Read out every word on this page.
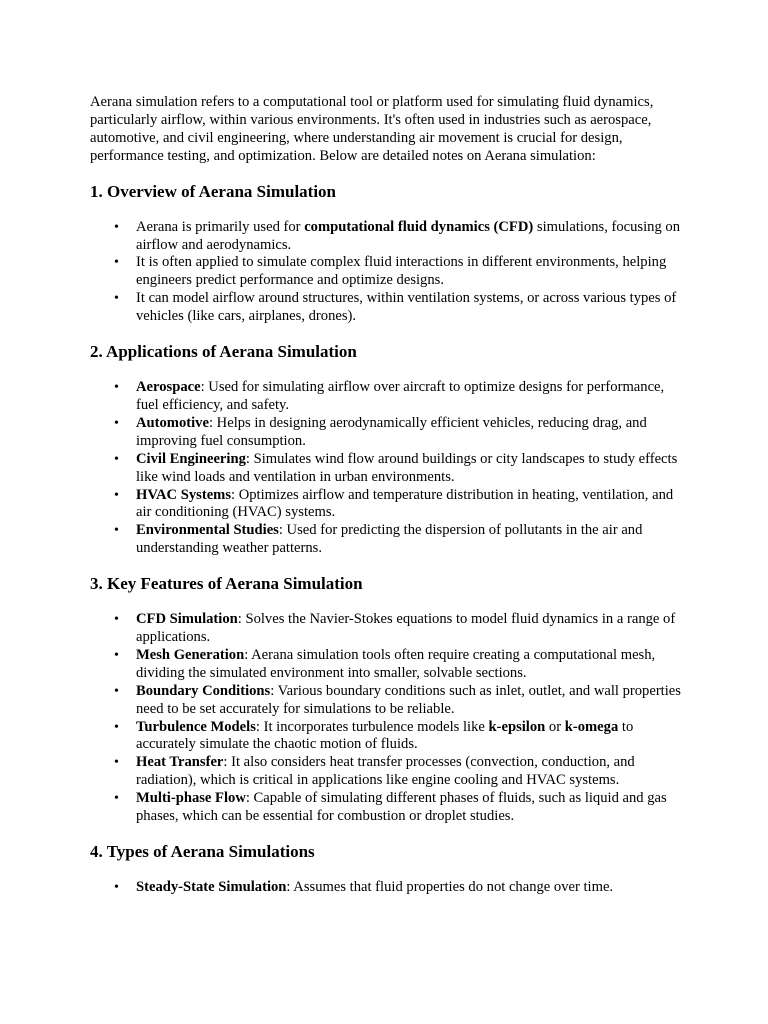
Aerana simulation refers to a computational tool or platform used for simulating fluid dynamics, particularly airflow, within various environments. It's often used in industries such as aerospace, automotive, and civil engineering, where understanding air movement is crucial for design, performance testing, and optimization. Below are detailed notes on Aerana simulation:

1. Overview of Aerana Simulation
• Aerana is primarily used for computational fluid dynamics (CFD) simulations, focusing on airflow and aerodynamics.
• It is often applied to simulate complex fluid interactions in different environments, helping engineers predict performance and optimize designs.
• It can model airflow around structures, within ventilation systems, or across various types of vehicles (like cars, airplanes, drones).
2. Applications of Aerana Simulation
• Aerospace: Used for simulating airflow over aircraft to optimize designs for performance, fuel efficiency, and safety.
• Automotive: Helps in designing aerodynamically efficient vehicles, reducing drag, and improving fuel consumption.
• Civil Engineering: Simulates wind flow around buildings or city landscapes to study effects like wind loads and ventilation in urban environments.
• HVAC Systems: Optimizes airflow and temperature distribution in heating, ventilation, and air conditioning (HVAC) systems.
• Environmental Studies: Used for predicting the dispersion of pollutants in the air and understanding weather patterns.
3. Key Features of Aerana Simulation
• CFD Simulation: Solves the Navier-Stokes equations to model fluid dynamics in a range of applications.
• Mesh Generation: Aerana simulation tools often require creating a computational mesh, dividing the simulated environment into smaller, solvable sections.
• Boundary Conditions: Various boundary conditions such as inlet, outlet, and wall properties need to be set accurately for simulations to be reliable.
• Turbulence Models: It incorporates turbulence models like k-epsilon or k-omega to accurately simulate the chaotic motion of fluids.
• Heat Transfer: It also considers heat transfer processes (convection, conduction, and radiation), which is critical in applications like engine cooling and HVAC systems.
• Multi-phase Flow: Capable of simulating different phases of fluids, such as liquid and gas phases, which can be essential for combustion or droplet studies.
4. Types of Aerana Simulations
• Steady-State Simulation: Assumes that fluid properties do not change over time.
